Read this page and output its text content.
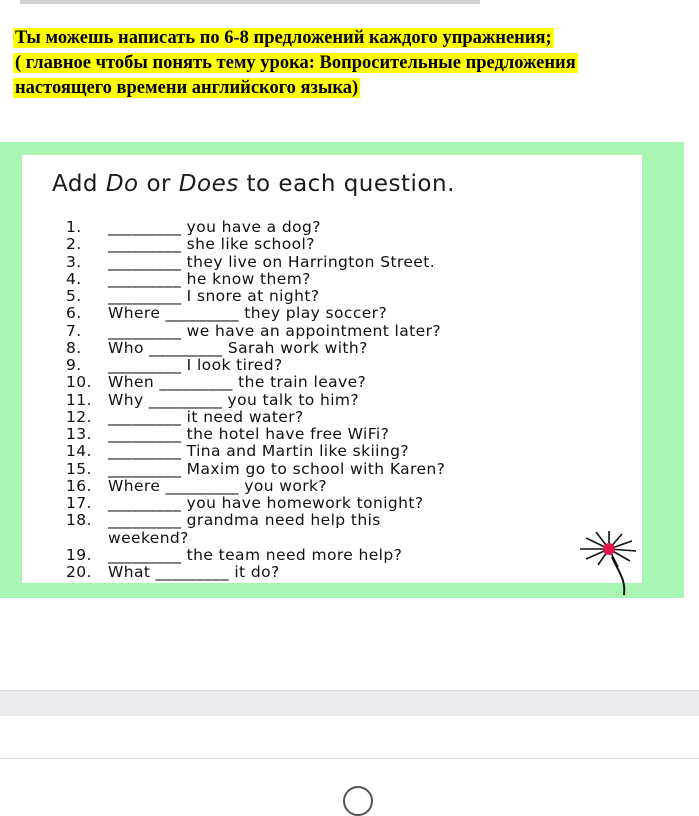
Ты можешь написать по 6-8 предложений каждого упражнения;
( главное чтобы понять тему урока: Вопросительные предложения
настоящего времени английского языка)
Add Do or Does to each question.
1. _________ you have a dog?
2. _________ she like school?
3. _________ they live on Harrington Street.
4. _________ he know them?
5. _________ I snore at night?
6. Where _________ they play soccer?
7. _________ we have an appointment later?
8. Who _________ Sarah work with?
9. _________ I look tired?
10. When _________ the train leave?
11. Why _________ you talk to him?
12. _________ it need water?
13. _________ the hotel have free WiFi?
14. _________ Tina and Martin like skiing?
15. _________ Maxim go to school with Karen?
16. Where _________ you work?
17. _________ you have homework tonight?
18. _________ grandma need help this
weekend?
19. _________ the team need more help?
20. What _________ it do?
